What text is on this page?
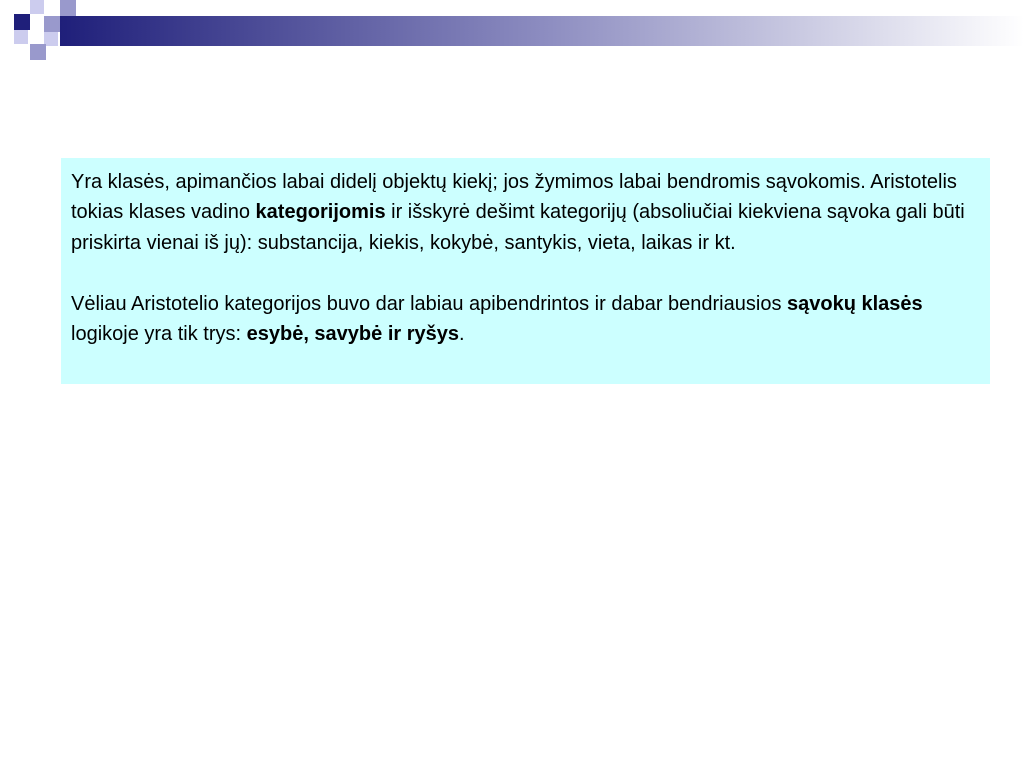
Yra klasės, apimančios labai didelį objektų kiekį; jos žymimos labai bendromis sąvokomis. Aristotelis tokias klases vadino kategorijomis ir išskyrė dešimt kategorijų (absoliučiai kiekviena sąvoka gali būti priskirta vienai iš jų): substancija, kiekis, kokybė, santykis, vieta, laikas ir kt.

Vėliau Aristotelio kategorijos buvo dar labiau apibendrintos ir dabar bendriausios sąvokų klasės logikoje yra tik trys: esybė, savybė ir ryšys.
